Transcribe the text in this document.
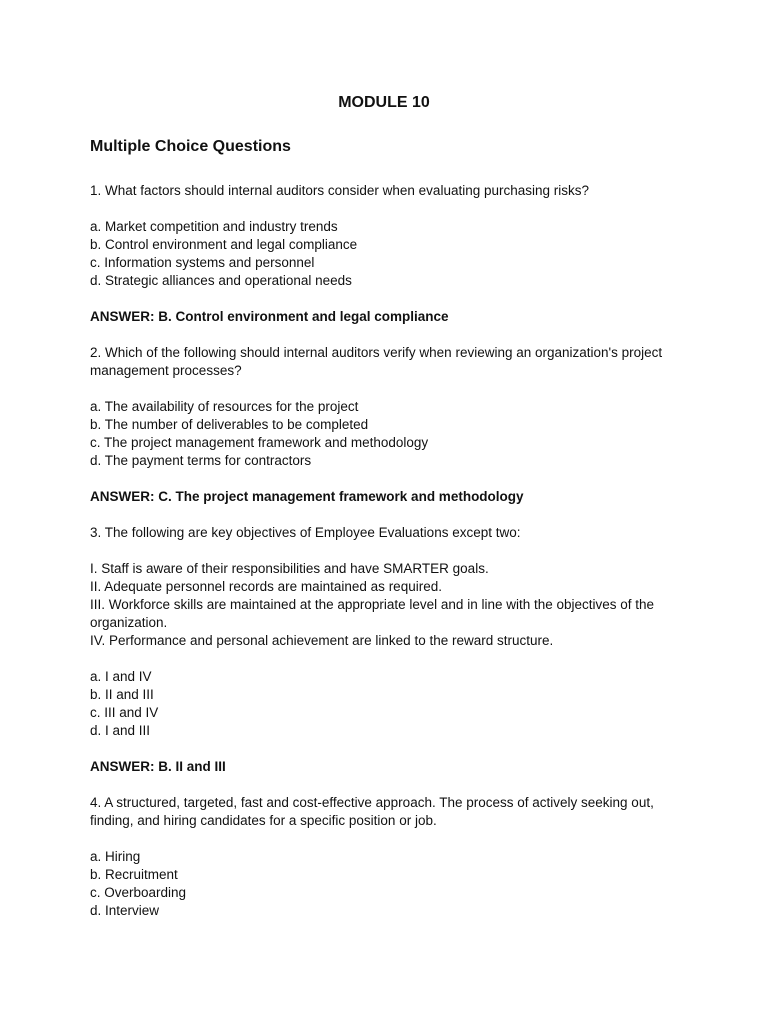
MODULE 10
Multiple Choice Questions

1. What factors should internal auditors consider when evaluating purchasing risks?

a. Market competition and industry trends

b. Control environment and legal compliance

c. Information systems and personnel

d. Strategic alliances and operational needs

ANSWER: B. Control environment and legal compliance

2. Which of the following should internal auditors verify when reviewing an organization's project

management processes?

a. The availability of resources for the project

b. The number of deliverables to be completed

c. The project management framework and methodology

d. The payment terms for contractors

ANSWER: C. The project management framework and methodology

3. The following are key objectives of Employee Evaluations except two:

I. Staff is aware of their responsibilities and have SMARTER goals.

II. Adequate personnel records are maintained as required.

III. Workforce skills are maintained at the appropriate level and in line with the objectives of the

organization.

IV. Performance and personal achievement are linked to the reward structure.

a. I and IV

b. II and III

c. III and IV

d. I and III

ANSWER: B. II and III

4. A structured, targeted, fast and cost-effective approach. The process of actively seeking out,

finding, and hiring candidates for a specific position or job.

a. Hiring

b. Recruitment

c. Overboarding

d. Interview
